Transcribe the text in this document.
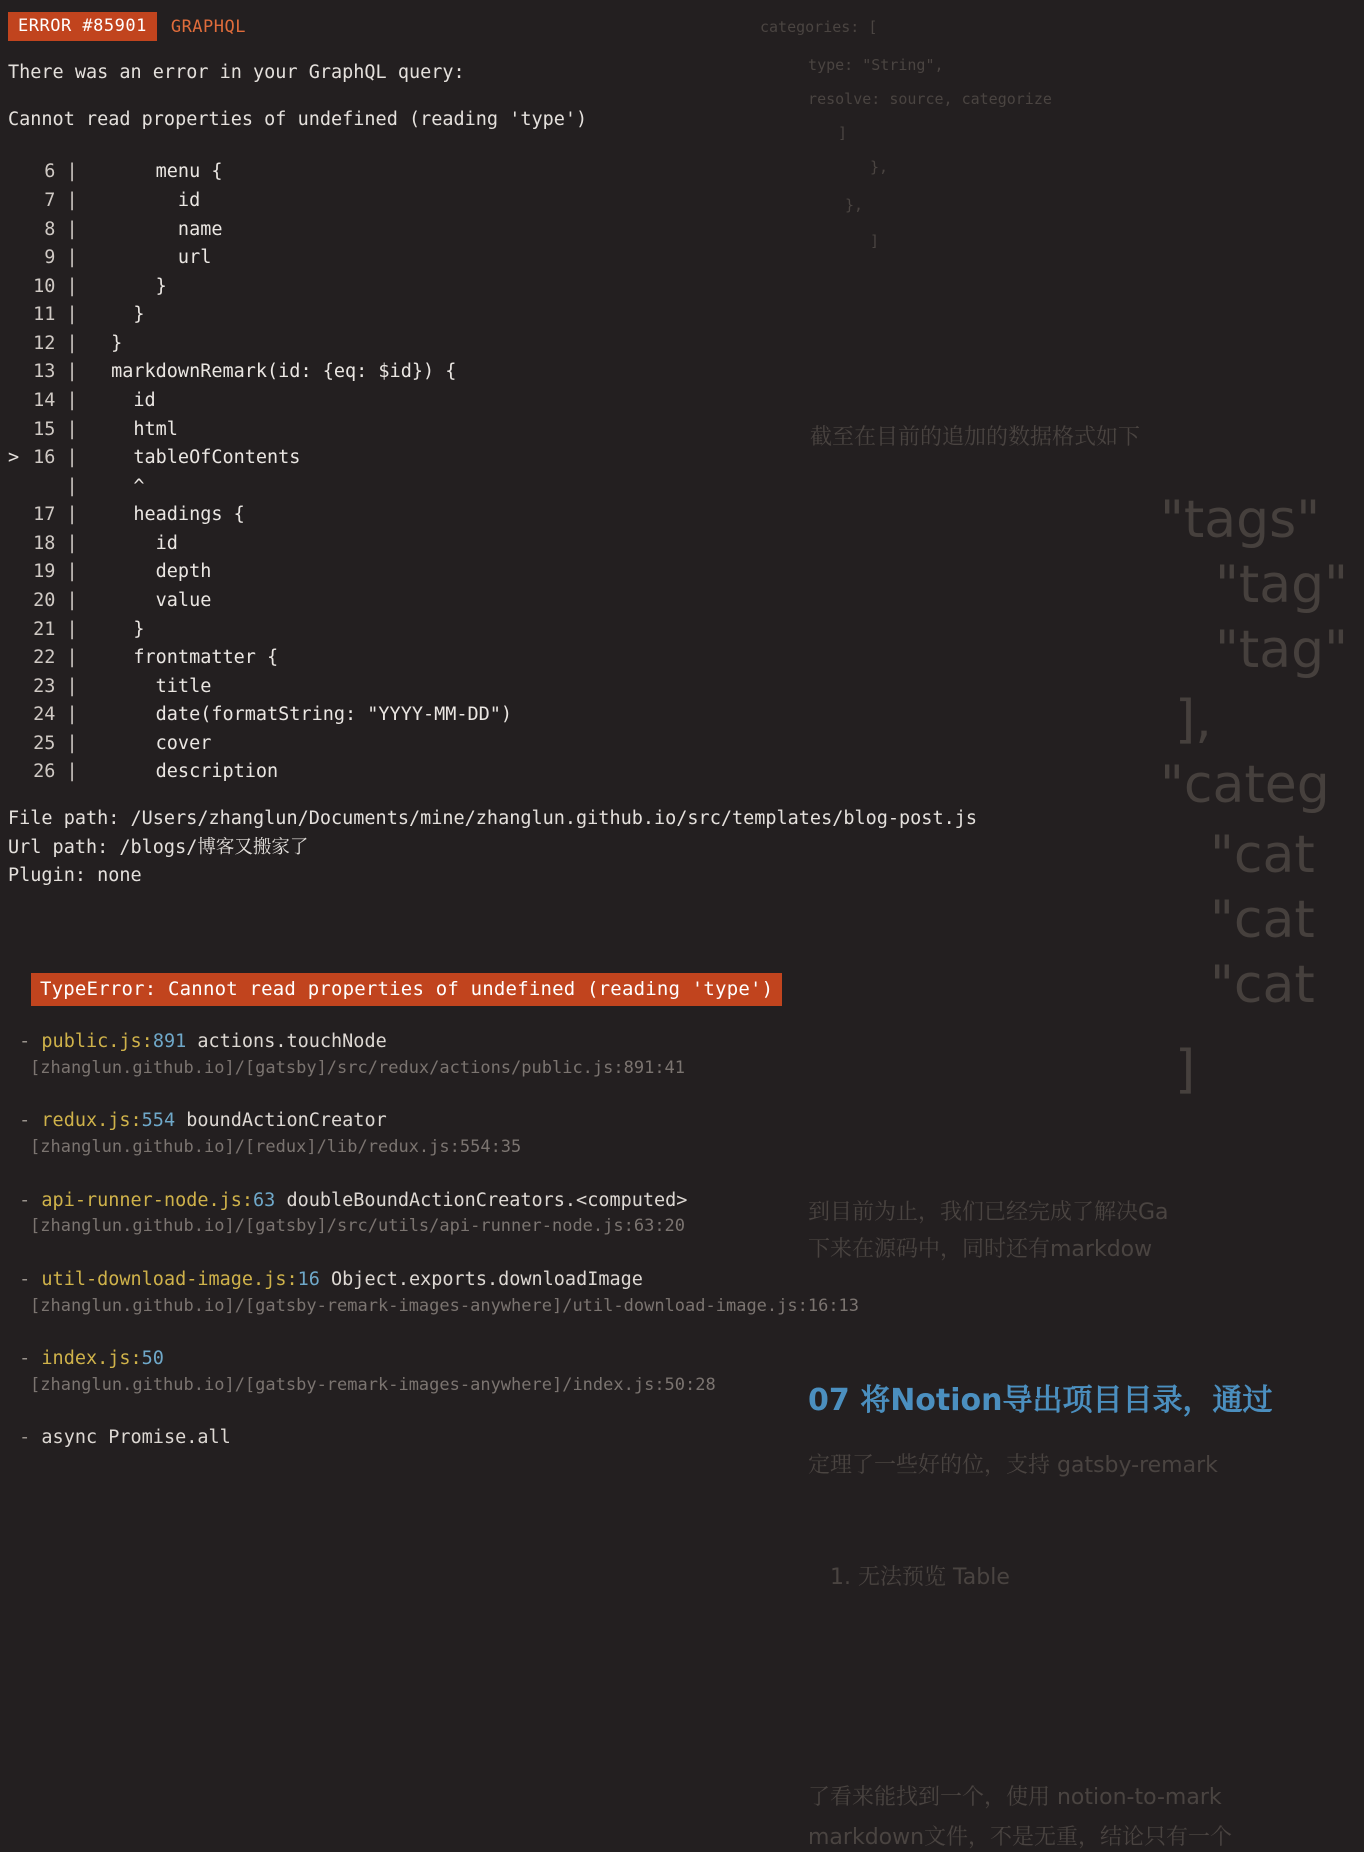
categories: [
type: "String",
resolve: source, categorize
]
},
},
]
截至在目前的追加的数据格式如下
"tags"
"tag"
"tag"
],
"categ
"cat
"cat
"cat
]
到目前为止，我们已经完成了解决Ga
下来在源码中，同时还有markdow
07 将Notion导出项目目录，通过
定理了一些好的位，支持 gatsby-remark
1. 无法预览 Table
了看来能找到一个，使用 notion-to-mark
markdown文件，不是无重，结论只有一个
ERROR #85901	GRAPHQL
There was an error in your GraphQL query:
Cannot read properties of undefined (reading 'type')
6 |       menu {
7 |         id
8 |         name
9 |         url
10 |       }
11 |     }
12 |   }
13 |   markdownRemark(id: {eq: $id}) {
14 |     id
15 |     html
> 16 |     tableOfContents
|     ^
17 |     headings {
18 |       id
19 |       depth
20 |       value
21 |     }
22 |     frontmatter {
23 |       title
24 |       date(formatString: "YYYY-MM-DD")
25 |       cover
26 |       description
File path: /Users/zhanglun/Documents/mine/zhanglun.github.io/src/templates/blog-post.js
Url path: /blogs/博客又搬家了
Plugin: none
TypeError: Cannot read properties of undefined (reading 'type')
- public.js:891 actions.touchNode
[zhanglun.github.io]/[gatsby]/src/redux/actions/public.js:891:41
- redux.js:554 boundActionCreator
[zhanglun.github.io]/[redux]/lib/redux.js:554:35
- api-runner-node.js:63 doubleBoundActionCreators.<computed>
[zhanglun.github.io]/[gatsby]/src/utils/api-runner-node.js:63:20
- util-download-image.js:16 Object.exports.downloadImage
[zhanglun.github.io]/[gatsby-remark-images-anywhere]/util-download-image.js:16:13
- index.js:50
[zhanglun.github.io]/[gatsby-remark-images-anywhere]/index.js:50:28
- async Promise.all
